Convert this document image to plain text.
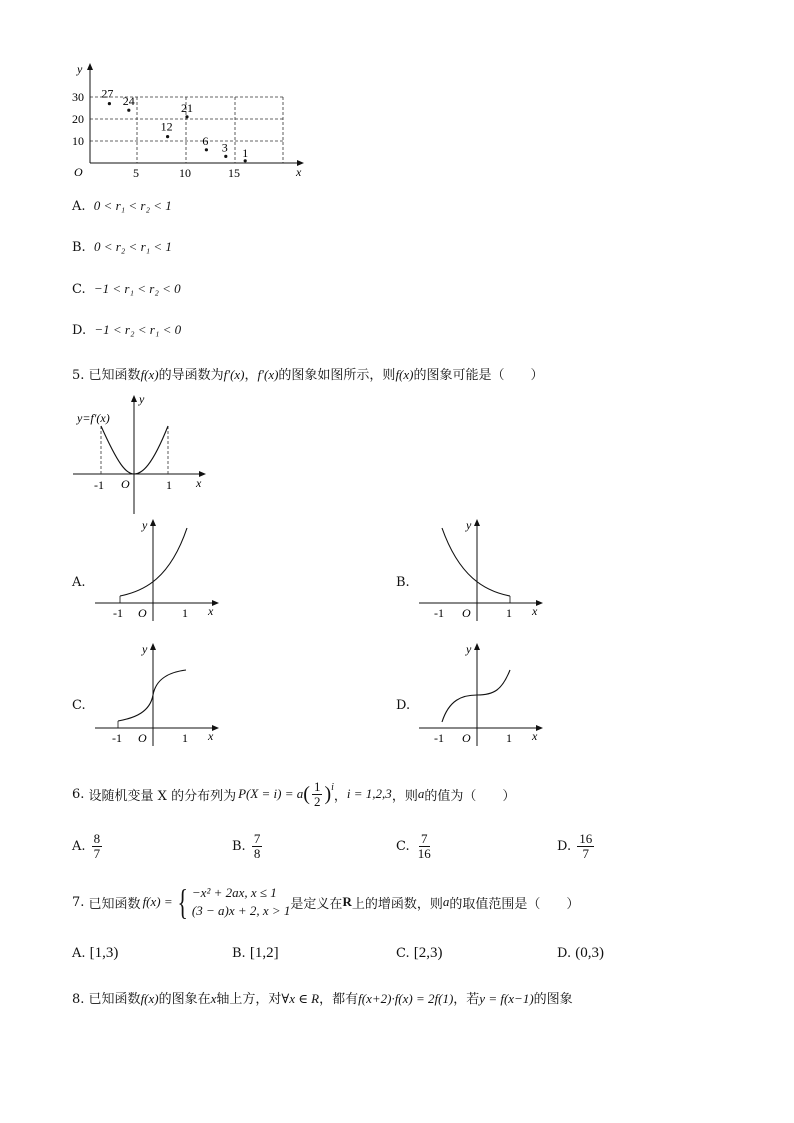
y
x
O
10
20
30
5	10	15
27
24	21
12
6 3 1
A. 0 < r₁ < r₂ < 1
B. 0 < r₂ < r₁ < 1
C. −1 < r₁ < r₂ < 0
D. −1 < r₂ < r₁ < 0
5. 已知函数f(x)的导函数为f′(x)，f′(x)的图象如图所示，则f(x)的图象可能是（　　）
y=f′(x)
y
x
O
-1	1
A.
y
x
O
-1	1
B.
y
x
O
-1	1
C.
y
x
O
-1	1
D.
y
x
O
-1	1
6.
设随机变量 X 的分布列为 P(X = i) = a ( $\frac{1}{2} )^i$
， i = 1,2,3 ，则 a 的值为（　　）
A.
$\frac{8}{7}$	B.
$\frac{7}{8}$	C.
$\frac{7}{16}$	D.
$\frac{16}{7}$
7.
已知函数 f(x) = { −x² + 2ax, x ≤ 1
(3 − a)x + 2, x > 1 是定义在 R 上的增函数，则 a 的取值范围是（　　）
A. [1,3)	B. [1,2]	C. [2,3)	D. (0,3)
8. 已知函数f(x)的图象在x轴上方，对∀x ∈ R，都有f(x+2)·f(x) = 2f(1)，若y = f(x−1)的图象
